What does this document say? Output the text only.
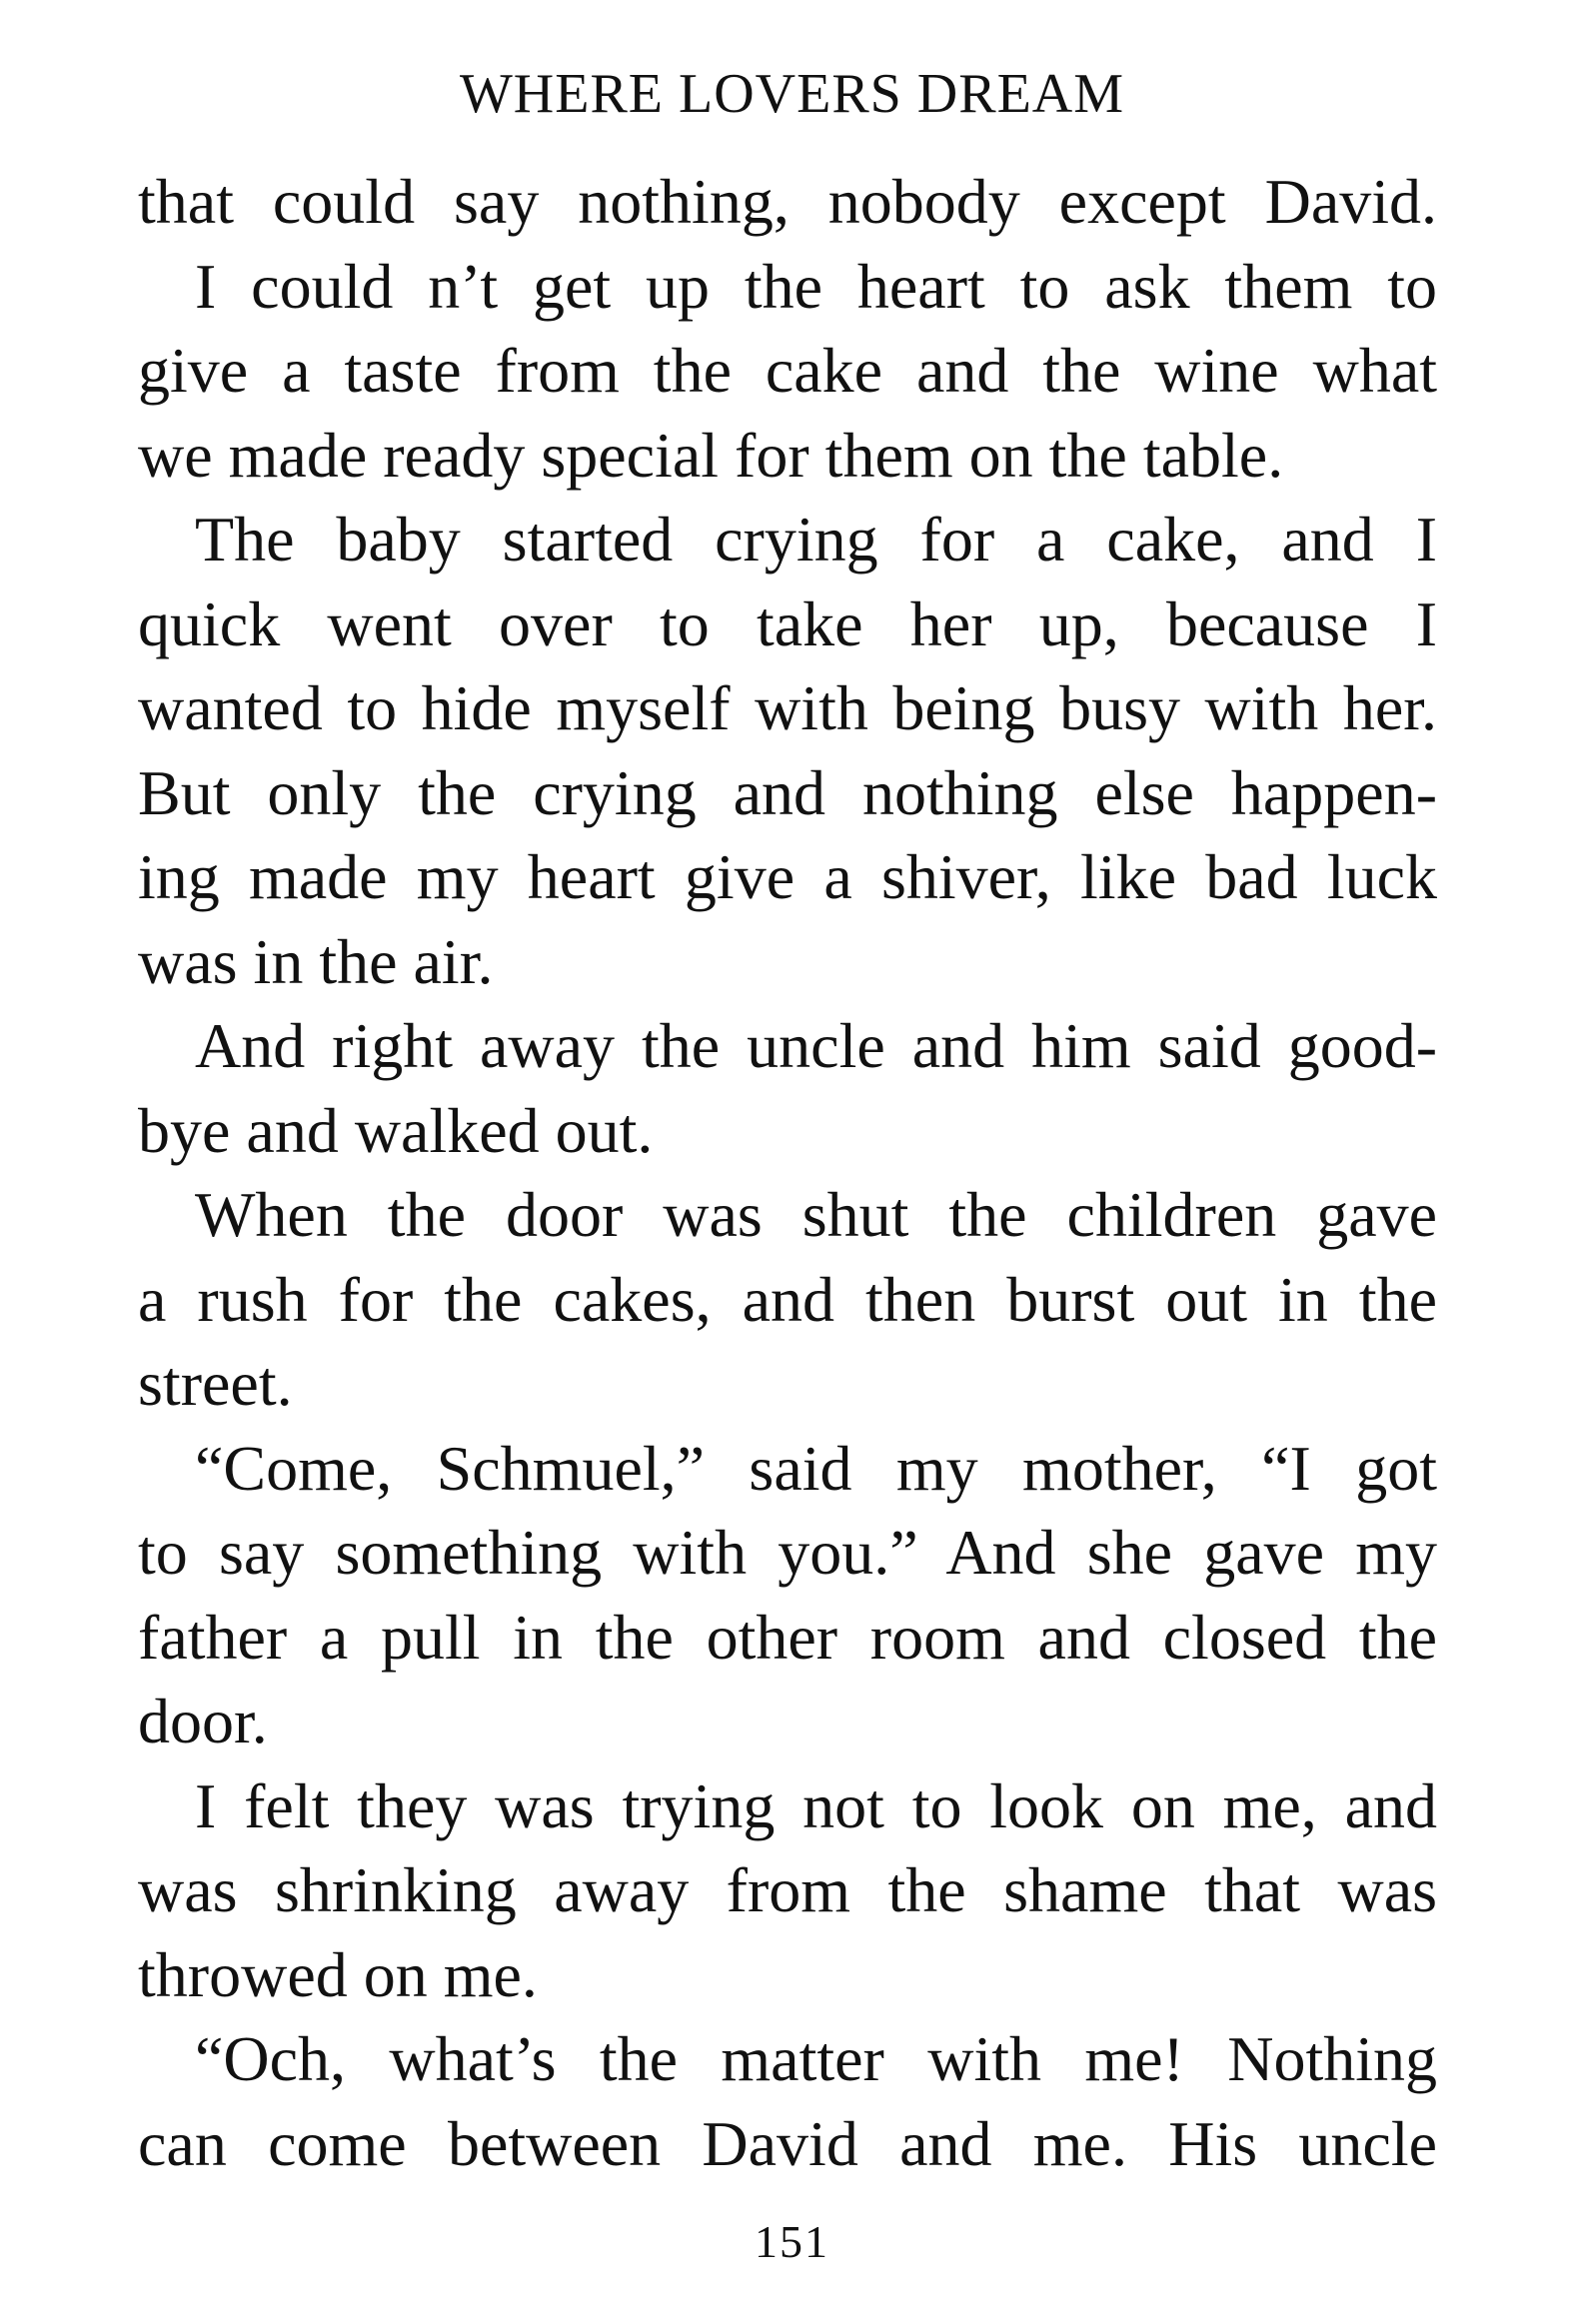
WHERE LOVERS DREAM
that could say nothing, nobody except David.
I could n’t get up the heart to ask them to
give a taste from the cake and the wine what
we made ready special for them on the table.
The baby started crying for a cake, and I
quick went over to take her up, because I
wanted to hide myself with being busy with her.
But only the crying and nothing else happen-
ing made my heart give a shiver, like bad luck
was in the air.
And right away the uncle and him said good-
bye and walked out.
When the door was shut the children gave
a rush for the cakes, and then burst out in the
street.
“Come, Schmuel,” said my mother, “I got
to say something with you.” And she gave my
father a pull in the other room and closed the
door.
I felt they was trying not to look on me, and
was shrinking away from the shame that was
throwed on me.
“Och, what’s the matter with me! Nothing
can come between David and me. His uncle
151
